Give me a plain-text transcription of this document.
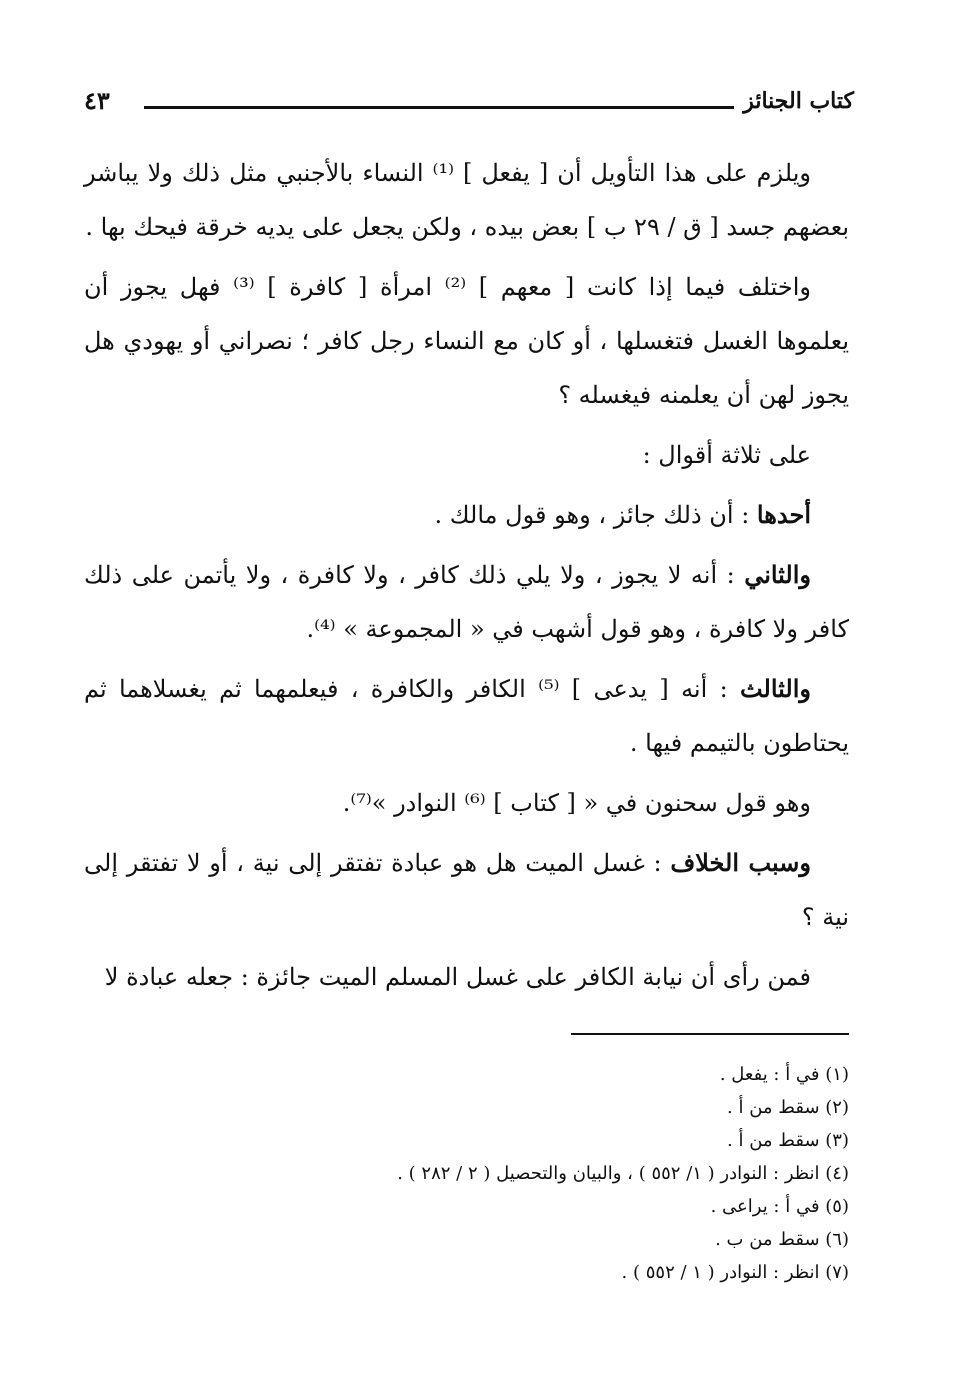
كتاب الجنائز
٤٣

ويلزم على هذا التأويل أن [ يفعل ] ⁽¹⁾ النساء بالأجنبي مثل ذلك ولا يباشر بعضهم جسد [ ق / ٢٩ ب ] بعض بيده ، ولكن يجعل على يديه خرقة فيحك بها .

واختلف فيما إذا كانت [ معهم ] ⁽²⁾ امرأة [ كافرة ] ⁽³⁾ فهل يجوز أن يعلموها الغسل فتغسلها ، أو كان مع النساء رجل كافر ؛ نصراني أو يهودي هل يجوز لهن أن يعلمنه فيغسله ؟

على ثلاثة أقوال :

أحدها : أن ذلك جائز ، وهو قول مالك .

والثاني : أنه لا يجوز ، ولا يلي ذلك كافر ، ولا كافرة ، ولا يأتمن على ذلك كافر ولا كافرة ، وهو قول أشهب في « المجموعة » ⁽⁴⁾.

والثالث : أنه [ يدعى ] ⁽⁵⁾ الكافر والكافرة ، فيعلمهما ثم يغسلاهما ثم يحتاطون بالتيمم فيها .

وهو قول سحنون في « [ كتاب ] ⁽⁶⁾ النوادر »⁽⁷⁾.

وسبب الخلاف : غسل الميت هل هو عبادة تفتقر إلى نية ، أو لا تفتقر إلى نية ؟

فمن رأى أن نيابة الكافر على غسل المسلم الميت جائزة : جعله عبادة لا

(١) في أ : يفعل .
(٢) سقط من أ .
(٣) سقط من أ .
(٤) انظر : النوادر ( ١/ ٥٥٢ ) ، والبيان والتحصيل ( ٢ / ٢٨٢ ) .
(٥) في أ : يراعى .
(٦) سقط من ب .
(٧) انظر : النوادر ( ١ / ٥٥٢ ) .
